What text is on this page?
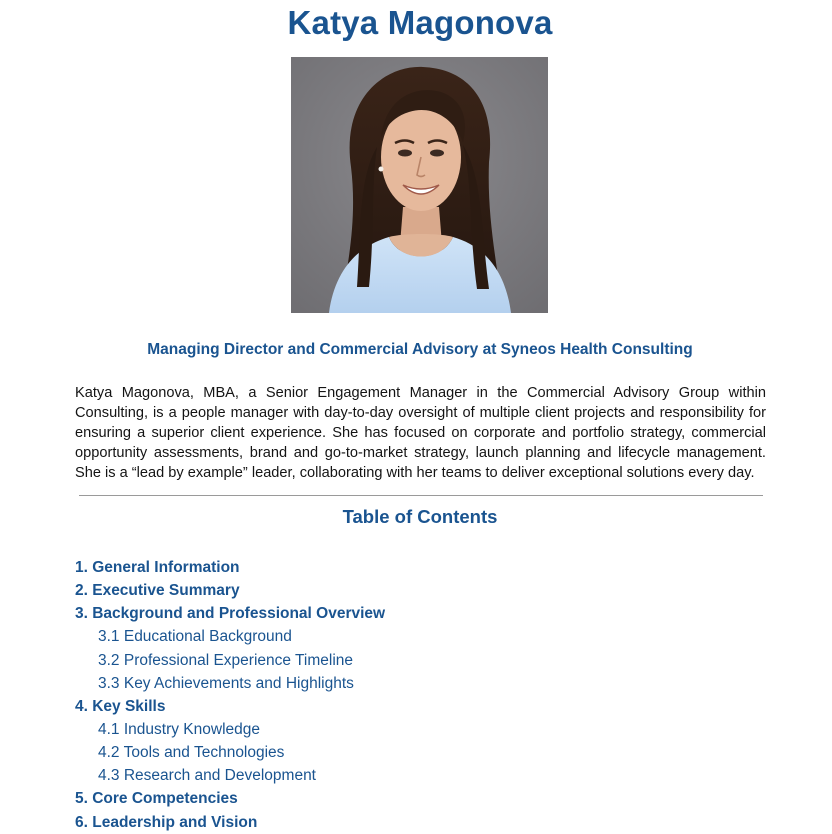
Katya Magonova
Managing Director and Commercial Advisory at Syneos Health Consulting

Katya Magonova, MBA, a Senior Engagement Manager in the Commercial Advisory Group within Consulting, is a people manager with day-to-day oversight of multiple client projects and responsibility for ensuring a superior client experience. She has focused on corporate and portfolio strategy, commercial opportunity assessments, brand and go-to-market strategy, launch planning and lifecycle management. She is a “lead by example” leader, collaborating with her teams to deliver exceptional solutions every day.

Table of Contents
1. General Information
2. Executive Summary
3. Background and Professional Overview
3.1 Educational Background
3.2 Professional Experience Timeline
3.3 Key Achievements and Highlights
4. Key Skills
4.1 Industry Knowledge
4.2 Tools and Technologies
4.3 Research and Development
5. Core Competencies
6. Leadership and Vision
